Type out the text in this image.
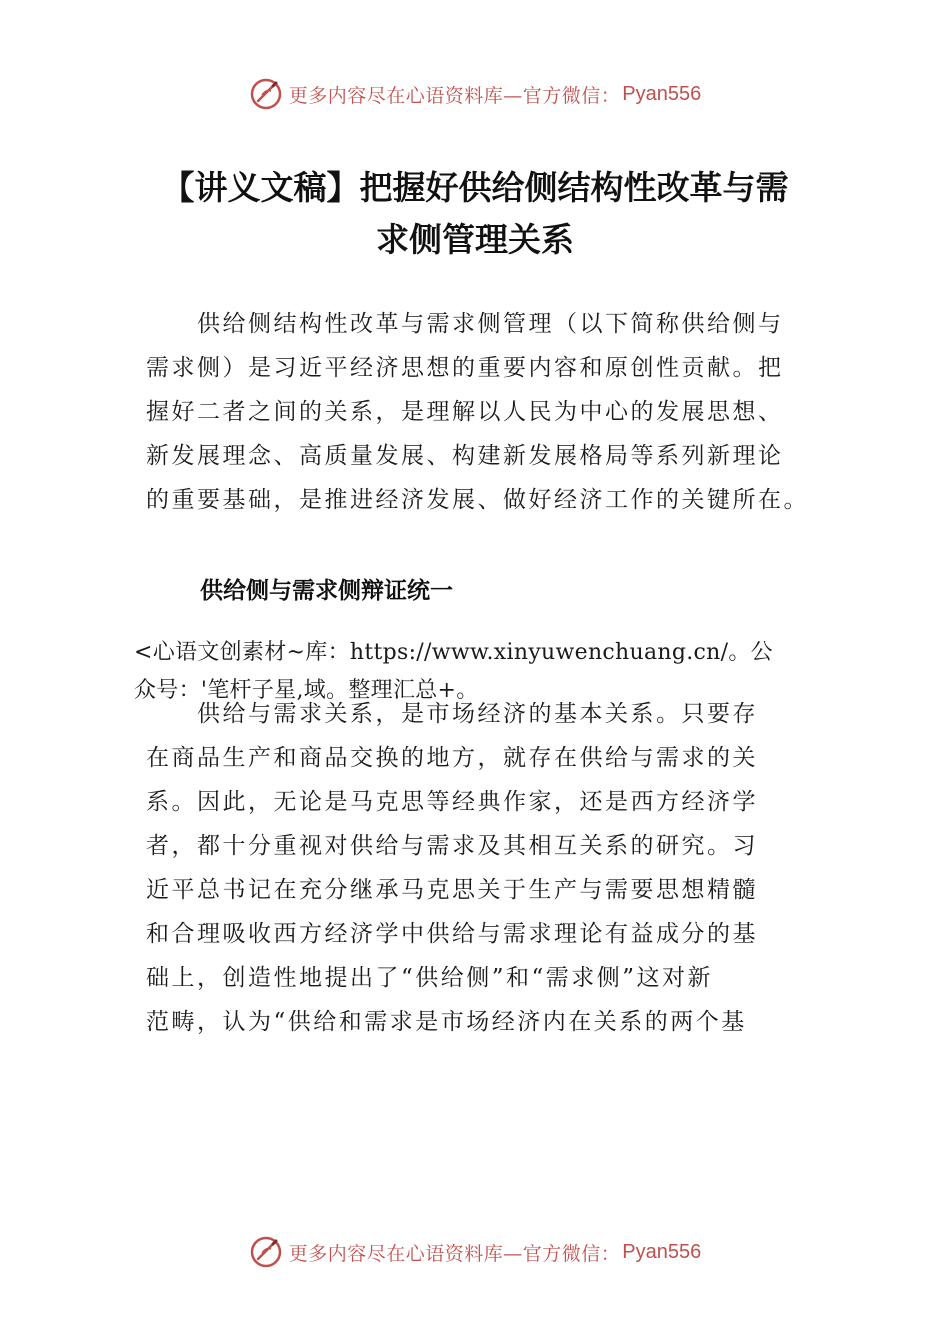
更多内容尽在心语资料库—官方微信： Pyan556
【讲义文稿】把握好供给侧结构性改革与需
求侧管理关系

　　供给侧结构性改革与需求侧管理（以下简称供给侧与
需求侧）是习近平经济思想的重要内容和原创性贡献。把
握好二者之间的关系，是理解以人民为中心的发展思想、
新发展理念、高质量发展、构建新发展格局等系列新理论
的重要基础，是推进经济发展、做好经济工作的关键所在。

供给侧与需求侧辩证统一

<心语文创素材~库：https://www.xinyuwenchuang.cn/。公
众号：'笔杆子星,域。整理汇总+。

　　供给与需求关系，是市场经济的基本关系。只要存
在商品生产和商品交换的地方，就存在供给与需求的关
系。因此，无论是马克思等经典作家，还是西方经济学
者，都十分重视对供给与需求及其相互关系的研究。习
近平总书记在充分继承马克思关于生产与需要思想精髓
和合理吸收西方经济学中供给与需求理论有益成分的基
础上，创造性地提出了“供给侧”和“需求侧”这对新
范畴，认为“供给和需求是市场经济内在关系的两个基

更多内容尽在心语资料库—官方微信： Pyan556
